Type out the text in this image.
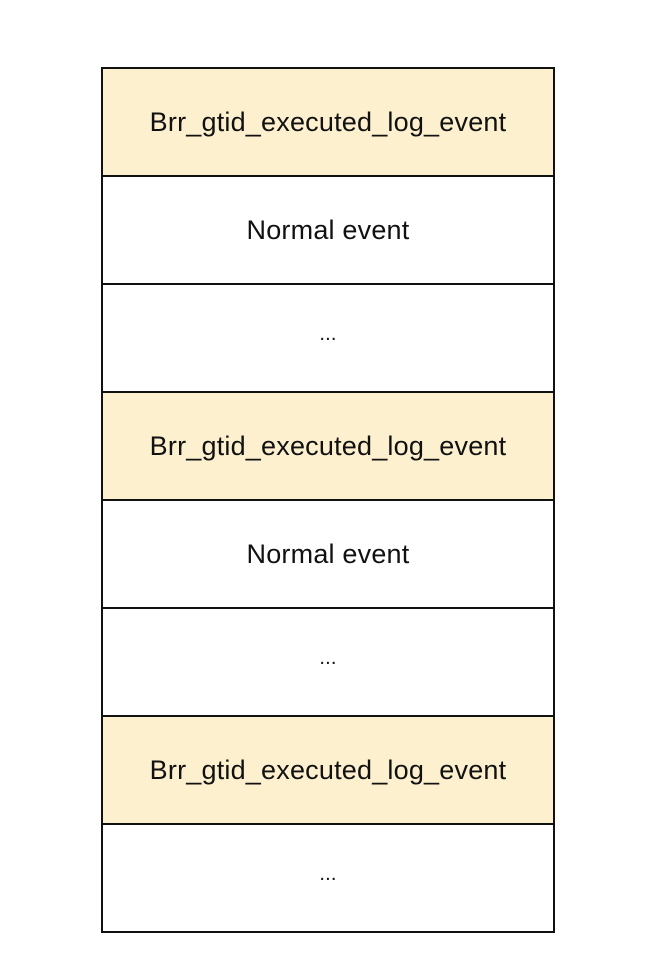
Brr_gtid_executed_log_event
Normal event
...
Brr_gtid_executed_log_event
Normal event
...
Brr_gtid_executed_log_event
...
